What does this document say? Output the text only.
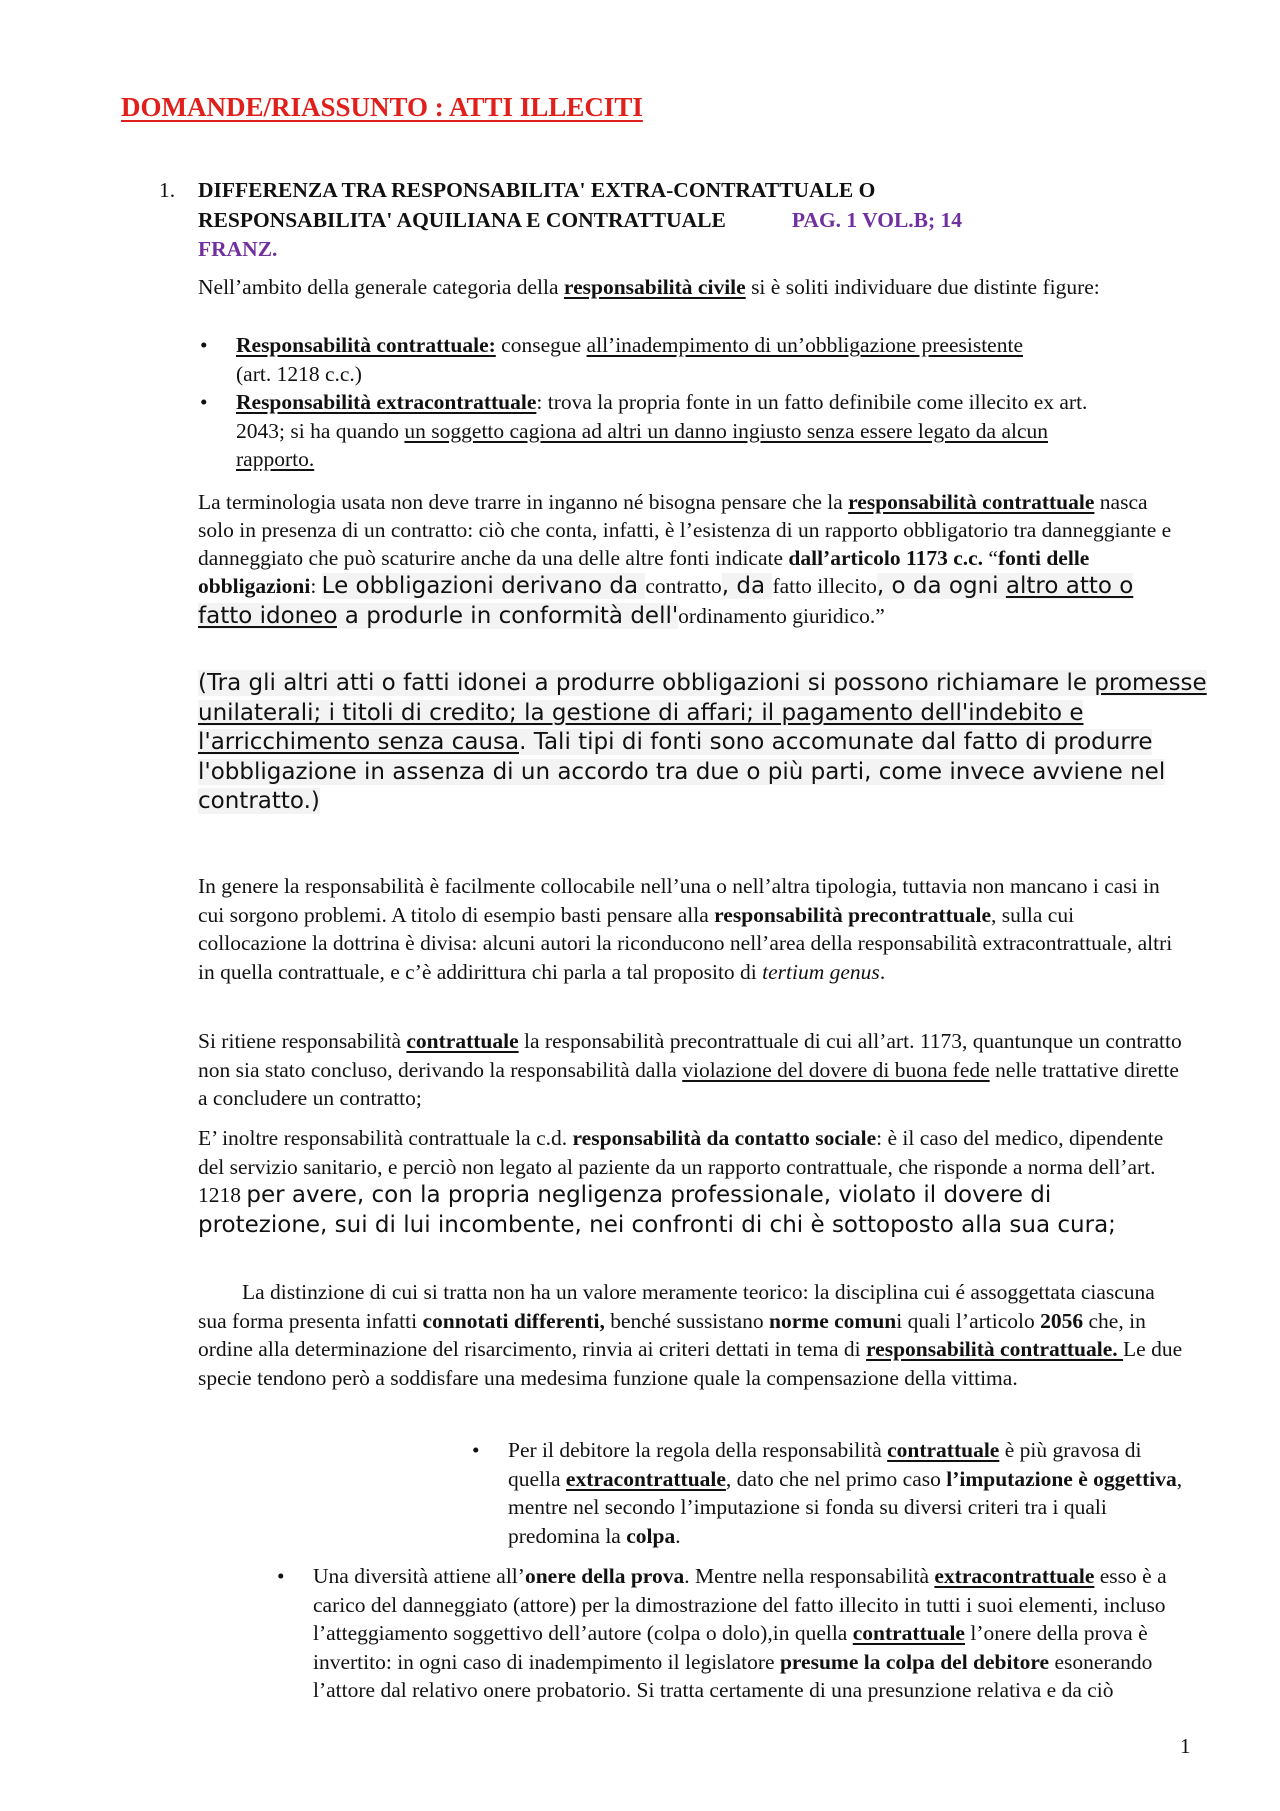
DOMANDE/RIASSUNTO : ATTI ILLECITI
1. DIFFERENZA TRA RESPONSABILITA' EXTRA-CONTRATTUALE O
RESPONSABILITA' AQUILIANA E CONTRATTUALE	PAG. 1 VOL.B; 14
FRANZ.
Nell’ambito della generale categoria della responsabilità civile si è soliti individuare due distinte figure:
• Responsabilità contrattuale: consegue all’inadempimento di un’obbligazione preesistente
(art. 1218 c.c.)
• Responsabilità extracontrattuale: trova la propria fonte in un fatto definibile come illecito ex art. 2043; si ha quando un soggetto cagiona ad altri un danno ingiusto senza essere legato da alcun rapporto.
La terminologia usata non deve trarre in inganno né bisogna pensare che la responsabilità contrattuale nasca solo in presenza di un contratto: ciò che conta, infatti, è l’esistenza di un rapporto obbligatorio tra danneggiante e danneggiato che può scaturire anche da una delle altre fonti indicate dall’articolo 1173 c.c. “fonti delle obbligazioni: Le obbligazioni derivano da contratto, da fatto illecito, o da ogni altro atto o fatto idoneo a produrle in conformità dell'ordinamento giuridico.”
(Tra gli altri atti o fatti idonei a produrre obbligazioni si possono richiamare le promesse unilaterali; i titoli di credito; la gestione di affari; il pagamento dell'indebito e l'arricchimento senza causa. Tali tipi di fonti sono accomunate dal fatto di produrre l'obbligazione in assenza di un accordo tra due o più parti, come invece avviene nel contratto.)
In genere la responsabilità è facilmente collocabile nell’una o nell’altra tipologia, tuttavia non mancano i casi in cui sorgono problemi. A titolo di esempio basti pensare alla responsabilità precontrattuale, sulla cui collocazione la dottrina è divisa: alcuni autori la riconducono nell’area della responsabilità extracontrattuale, altri in quella contrattuale, e c’è addirittura chi parla a tal proposito di tertium genus.
Si ritiene responsabilità contrattuale la responsabilità precontrattuale di cui all’art. 1173, quantunque un contratto non sia stato concluso, derivando la responsabilità dalla violazione del dovere di buona fede nelle trattative dirette a concludere un contratto;
E’ inoltre responsabilità contrattuale la c.d. responsabilità da contatto sociale: è il caso del medico, dipendente del servizio sanitario, e perciò non legato al paziente da un rapporto contrattuale, che risponde a norma dell’art. 1218 per avere, con la propria negligenza professionale, violato il dovere di protezione, sui di lui incombente, nei confronti di chi è sottoposto alla sua cura;
La distinzione di cui si tratta non ha un valore meramente teorico: la disciplina cui é assoggettata ciascuna sua forma presenta infatti connotati differenti, benché sussistano norme comuni quali l’articolo 2056 che, in ordine alla determinazione del risarcimento, rinvia ai criteri dettati in tema di responsabilità contrattuale. Le due specie tendono però a soddisfare una medesima funzione quale la compensazione della vittima.
• Per il debitore la regola della responsabilità contrattuale è più gravosa di quella extracontrattuale, dato che nel primo caso l’imputazione è oggettiva, mentre nel secondo l’imputazione si fonda su diversi criteri tra i quali predomina la colpa.
• Una diversità attiene all’onere della prova. Mentre nella responsabilità extracontrattuale esso è a carico del danneggiato (attore) per la dimostrazione del fatto illecito in tutti i suoi elementi, incluso l’atteggiamento soggettivo dell’autore (colpa o dolo),in quella contrattuale l’onere della prova è invertito: in ogni caso di inadempimento il legislatore presume la colpa del debitore esonerando l’attore dal relativo onere probatorio. Si tratta certamente di una presunzione relativa e da ciò
1
